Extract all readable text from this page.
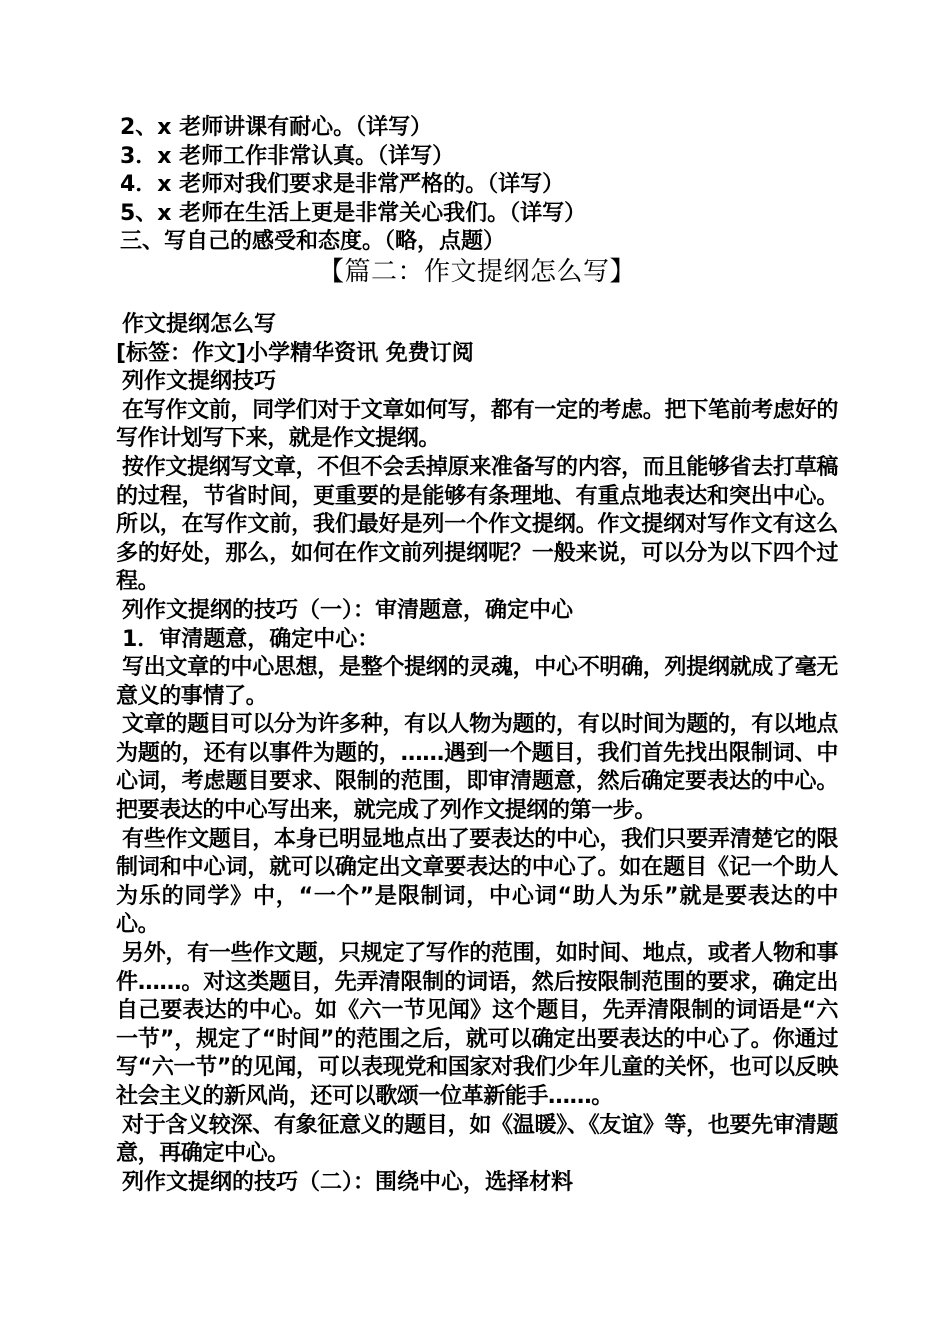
2、x 老师讲课有耐心。（详写）
3．x 老师工作非常认真。（详写）
4．x 老师对我们要求是非常严格的。（详写）
5、x 老师在生活上更是非常关心我们。（详写）
三、写自己的感受和态度。（略，点题）
【篇二：作文提纲怎么写】
作文提纲怎么写
[标签：作文]小学精华资讯 免费订阅
列作文提纲技巧

在写作文前，同学们对于文章如何写，都有一定的考虑。把下笔前考虑好的写作计划写下来，就是作文提纲。

按作文提纲写文章，不但不会丢掉原来准备写的内容，而且能够省去打草稿的过程，节省时间，更重要的是能够有条理地、有重点地表达和突出中心。所以，在写作文前，我们最好是列一个作文提纲。作文提纲对写作文有这么多的好处，那么，如何在作文前列提纲呢？一般来说，可以分为以下四个过程。

列作文提纲的技巧（一）：审清题意，确定中心
1．审清题意，确定中心：

写出文章的中心思想，是整个提纲的灵魂，中心不明确，列提纲就成了毫无意义的事情了。

文章的题目可以分为许多种，有以人物为题的，有以时间为题的，有以地点为题的，还有以事件为题的，……遇到一个题目，我们首先找出限制词、中心词，考虑题目要求、限制的范围，即审清题意，然后确定要表达的中心。把要表达的中心写出来，就完成了列作文提纲的第一步。

有些作文题目，本身已明显地点出了要表达的中心，我们只要弄清楚它的限制词和中心词，就可以确定出文章要表达的中心了。如在题目《记一个助人为乐的同学》中，“一个”是限制词，中心词“助人为乐”就是要表达的中心。

另外，有一些作文题，只规定了写作的范围，如时间、地点，或者人物和事件……。对这类题目，先弄清限制的词语，然后按限制范围的要求，确定出自己要表达的中心。如《六一节见闻》这个题目，先弄清限制的词语是“六一节”，规定了“时间”的范围之后，就可以确定出要表达的中心了。你通过写“六一节”的见闻，可以表现党和国家对我们少年儿童的关怀，也可以反映社会主义的新风尚，还可以歌颂一位革新能手……。

对于含义较深、有象征意义的题目，如《温暖》、《友谊》等，也要先审清题意，再确定中心。

列作文提纲的技巧（二）：围绕中心，选择材料
